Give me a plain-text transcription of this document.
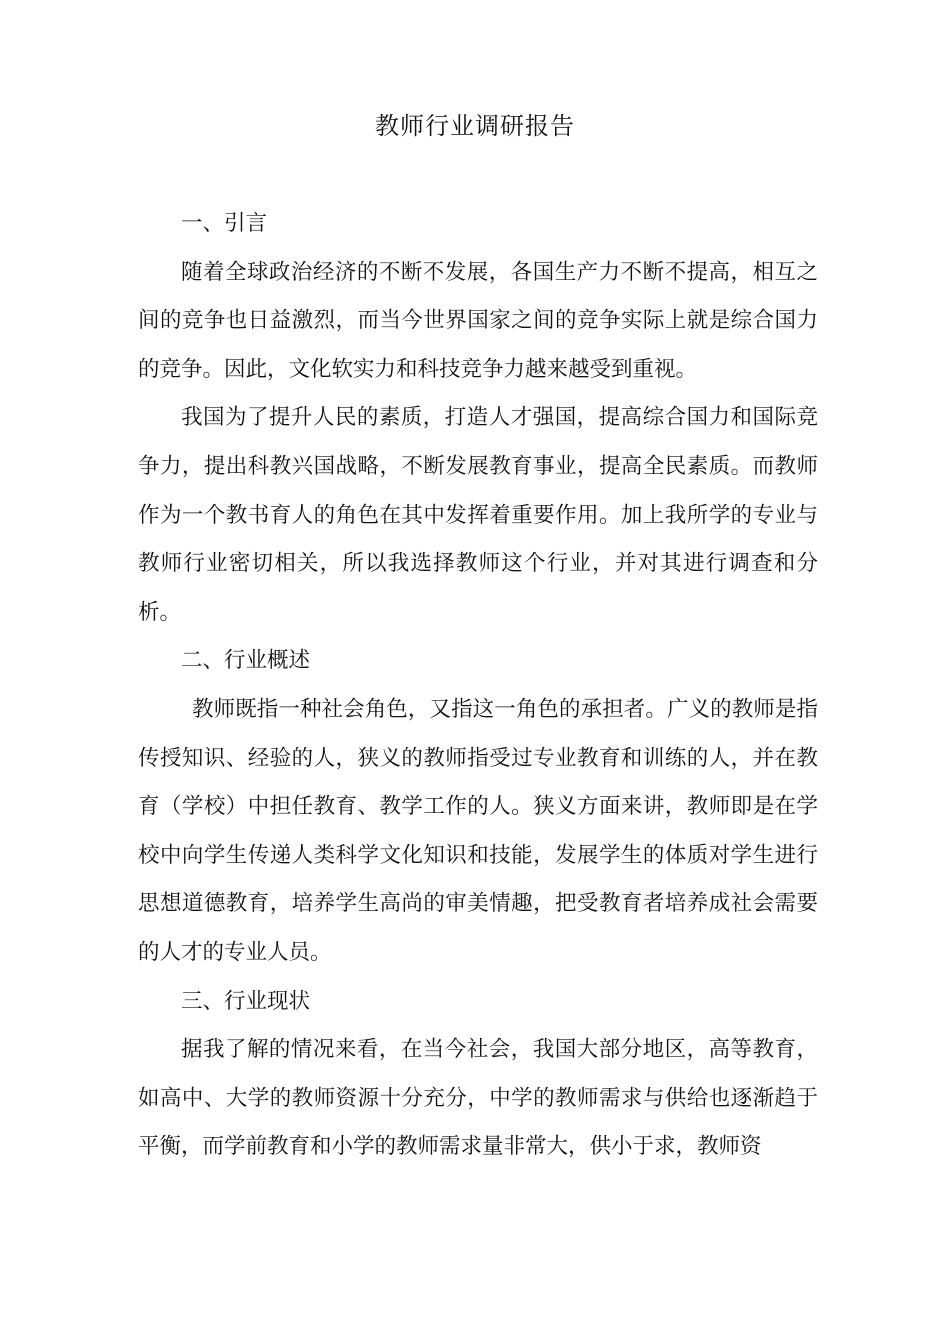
教师行业调研报告

一、引言

随着全球政治经济的不断不发展，各国生产力不断不提高，相互之间的竞争也日益激烈，而当今世界国家之间的竞争实际上就是综合国力的竞争。因此，文化软实力和科技竞争力越来越受到重视。

我国为了提升人民的素质，打造人才强国，提高综合国力和国际竞争力，提出科教兴国战略，不断发展教育事业，提高全民素质。而教师作为一个教书育人的角色在其中发挥着重要作用。加上我所学的专业与教师行业密切相关，所以我选择教师这个行业，并对其进行调查和分析。

二、行业概述

教师既指一种社会角色，又指这一角色的承担者。广义的教师是指传授知识、经验的人，狭义的教师指受过专业教育和训练的人，并在教育（学校）中担任教育、教学工作的人。狭义方面来讲，教师即是在学校中向学生传递人类科学文化知识和技能，发展学生的体质对学生进行思想道德教育，培养学生高尚的审美情趣，把受教育者培养成社会需要的人才的专业人员。

三、行业现状

据我了解的情况来看，在当今社会，我国大部分地区，高等教育，如高中、大学的教师资源十分充分，中学的教师需求与供给也逐渐趋于平衡，而学前教育和小学的教师需求量非常大，供小于求，教师资
